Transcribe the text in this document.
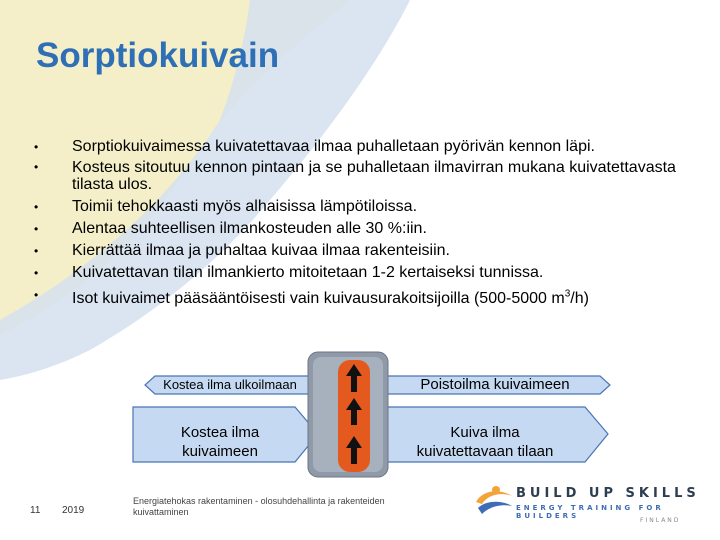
Sorptiokuivain
• Sorptiokuivaimessa kuivatettavaa ilmaa puhalletaan pyörivän kennon läpi.
• Kosteus sitoutuu kennon pintaan ja se puhalletaan ilmavirran mukana kuivatettavasta tilasta ulos.
• Toimii tehokkaasti myös alhaisissa lämpötiloissa.
• Alentaa suhteellisen ilmankosteuden alle 30 %:iin.
• Kierrättää ilmaa ja puhaltaa kuivaa ilmaa rakenteisiin.
• Kuivatettavan tilan ilmankierto mitoitetaan 1-2 kertaiseksi tunnissa.
• Isot kuivaimet pääsääntöisesti vain kuivausurakoitsijoilla (500-5000 $m^3/h$)
Kostea ilma ulkoilmaan	Poistoilma kuivaimeen
Kostea ilma
kuivaimeen
Kuiva ilma
kuivatettavaan tilaan
11 2019
Energiatehokas rakentaminen - olosuhdehallinta ja rakenteiden kuivattaminen
BUILD UP SKILLS
ENERGY TRAINING FOR BUILDERS
FINLAND
